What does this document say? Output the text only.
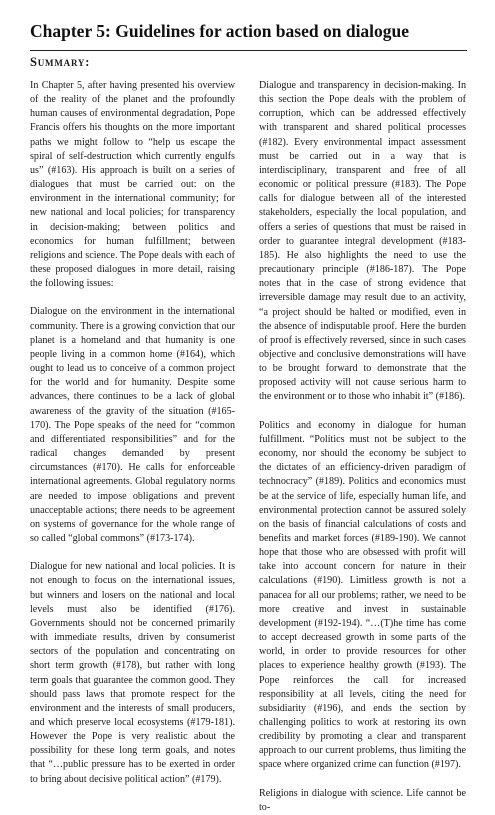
Chapter 5: Guidelines for action based on dialogue
Summary:

In Chapter 5, after having presented his overview of the reality of the planet and the profoundly human causes of environmental degradation, Pope Francis offers his thoughts on the more important paths we might follow to “help us escape the spiral of self-destruction which currently engulfs us” (#163). His approach is built on a series of dialogues that must be carried out: on the environment in the international community; for new national and local policies; for transparency in decision-making; between politics and economics for human fulfillment; between religions and science. The Pope deals with each of these proposed dialogues in more detail, raising the following issues:

Dialogue on the environment in the international community. There is a growing conviction that our planet is a homeland and that humanity is one people living in a common home (#164), which ought to lead us to conceive of a common project for the world and for humanity. Despite some advances, there continues to be a lack of global awareness of the gravity of the situation (#165-170). The Pope speaks of the need for “common and differentiated responsibilities” and for the radical changes demanded by present circumstances (#170). He calls for enforceable international agreements. Global regulatory norms are needed to impose obligations and prevent unacceptable actions; there needs to be agreement on systems of governance for the whole range of so called “global commons” (#173-174).

Dialogue for new national and local policies. It is not enough to focus on the international issues, but winners and losers on the national and local levels must also be identified (#176). Governments should not be concerned primarily with immediate results, driven by consumerist sectors of the population and concentrating on short term growth (#178), but rather with long term goals that guarantee the common good. They should pass laws that promote respect for the environment and the interests of small producers, and which preserve local ecosystems (#179-181). However the Pope is very realistic about the possibility for these long term goals, and notes that “…public pressure has to be exerted in order to bring about decisive political action” (#179).

Dialogue and transparency in decision-making. In this section the Pope deals with the problem of corruption, which can be addressed effectively with transparent and shared political processes (#182). Every environmental impact assessment must be carried out in a way that is interdisciplinary, transparent and free of all economic or political pressure (#183). The Pope calls for dialogue between all of the interested stakeholders, especially the local population, and offers a series of questions that must be raised in order to guarantee integral development (#183-185). He also highlights the need to use the precautionary principle (#186-187). The Pope notes that in the case of strong evidence that irreversible damage may result due to an activity, “a project should be halted or modified, even in the absence of indisputable proof. Here the burden of proof is effectively reversed, since in such cases objective and conclusive demonstrations will have to be brought forward to demonstrate that the proposed activity will not cause serious harm to the environment or to those who inhabit it” (#186).

Politics and economy in dialogue for human fulfillment. “Politics must not be subject to the economy, nor should the economy be subject to the dictates of an efficiency-driven paradigm of technocracy” (#189). Politics and economics must be at the service of life, especially human life, and environmental protection cannot be assured solely on the basis of financial calculations of costs and benefits and market forces (#189-190). We cannot hope that those who are obsessed with profit will take into account concern for nature in their calculations (#190). Limitless growth is not a panacea for all our problems; rather, we need to be more creative and invest in sustainable development (#192-194). “…(T)he time has come to accept decreased growth in some parts of the world, in order to provide resources for other places to experience healthy growth (#193). The Pope reinforces the call for increased responsibility at all levels, citing the need for subsidiarity (#196), and ends the section by challenging politics to work at restoring its own credibility by promoting a clear and transparent approach to our current problems, thus limiting the space where organized crime can function (#197).

Religions in dialogue with science. Life cannot be to-
